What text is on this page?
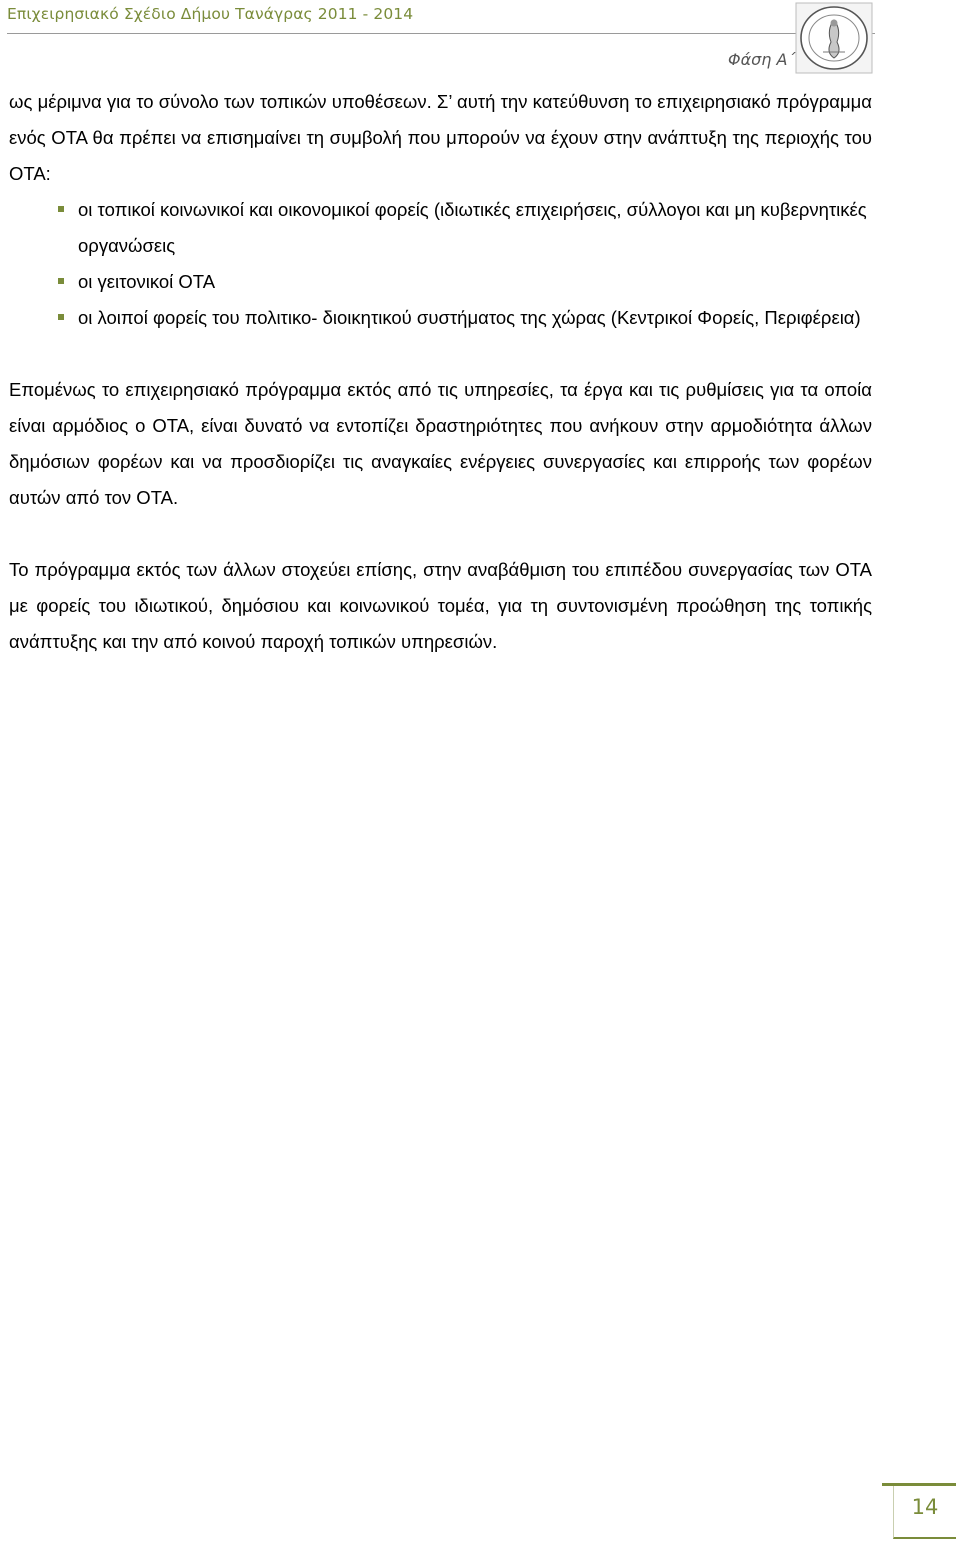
Επιχειρησιακό Σχέδιο Δήμου Τανάγρας 2011 - 2014
Φάση Α΄

ως μέριμνα για το σύνολο των τοπικών υποθέσεων. Σ’ αυτή την κατεύθυνση το επιχειρησιακό πρόγραμμα ενός ΟΤΑ θα πρέπει να επισημαίνει τη συμβολή που μπορούν να έχουν στην ανάπτυξη της περιοχής του ΟΤΑ:

οι τοπικοί κοινωνικοί και οικονομικοί φορείς (ιδιωτικές επιχειρήσεις, σύλλογοι και μη κυβερνητικές οργανώσεις
οι γειτονικοί ΟΤΑ
οι λοιποί φορείς του πολιτικο- διοικητικού συστήματος της χώρας (Κεντρικοί Φορείς, Περιφέρεια)

Επομένως το επιχειρησιακό πρόγραμμα εκτός από τις υπηρεσίες, τα έργα και τις ρυθμίσεις για τα οποία είναι αρμόδιος ο ΟΤΑ, είναι δυνατό να εντοπίζει δραστηριότητες που ανήκουν στην αρμοδιότητα άλλων δημόσιων φορέων και να προσδιορίζει τις αναγκαίες ενέργειες συνεργασίες και επιρροής των φορέων αυτών από τον ΟΤΑ.

Το πρόγραμμα εκτός των άλλων στοχεύει επίσης, στην αναβάθμιση του επιπέδου συνεργασίας των ΟΤΑ με φορείς του ιδιωτικού, δημόσιου και κοινωνικού τομέα, για τη συντονισμένη προώθηση της τοπικής ανάπτυξης και την από κοινού παροχή τοπικών υπηρεσιών.

14
